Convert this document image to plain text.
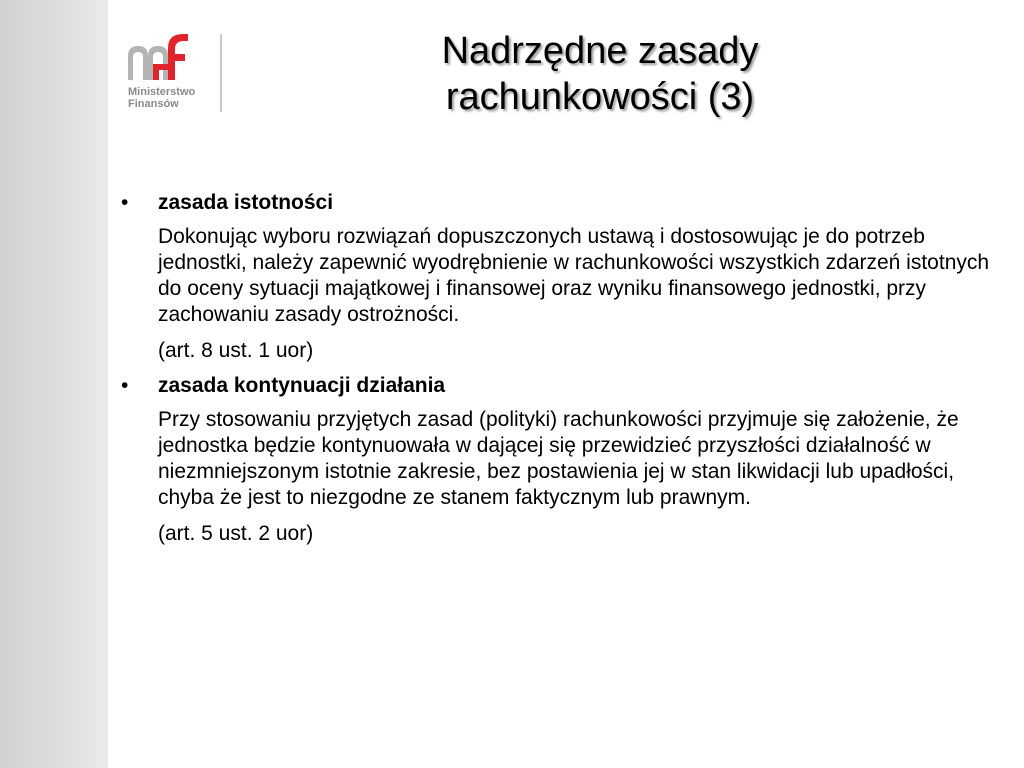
Ministerstwo
Finansów
Nadrzędne zasady
rachunkowości (3)
• zasada istotności
Dokonując wyboru rozwiązań dopuszczonych ustawą i dostosowując je do potrzeb jednostki, należy zapewnić wyodrębnienie w rachunkowości wszystkich zdarzeń istotnych do oceny sytuacji majątkowej i finansowej oraz wyniku finansowego jednostki, przy zachowaniu zasady ostrożności.
(art. 8 ust. 1 uor)
• zasada kontynuacji działania
Przy stosowaniu przyjętych zasad (polityki) rachunkowości przyjmuje się założenie, że jednostka będzie kontynuowała w dającej się przewidzieć przyszłości działalność w niezmniejszonym istotnie zakresie, bez postawienia jej w stan likwidacji lub upadłości, chyba że jest to niezgodne ze stanem faktycznym lub prawnym.
(art. 5 ust. 2 uor)
